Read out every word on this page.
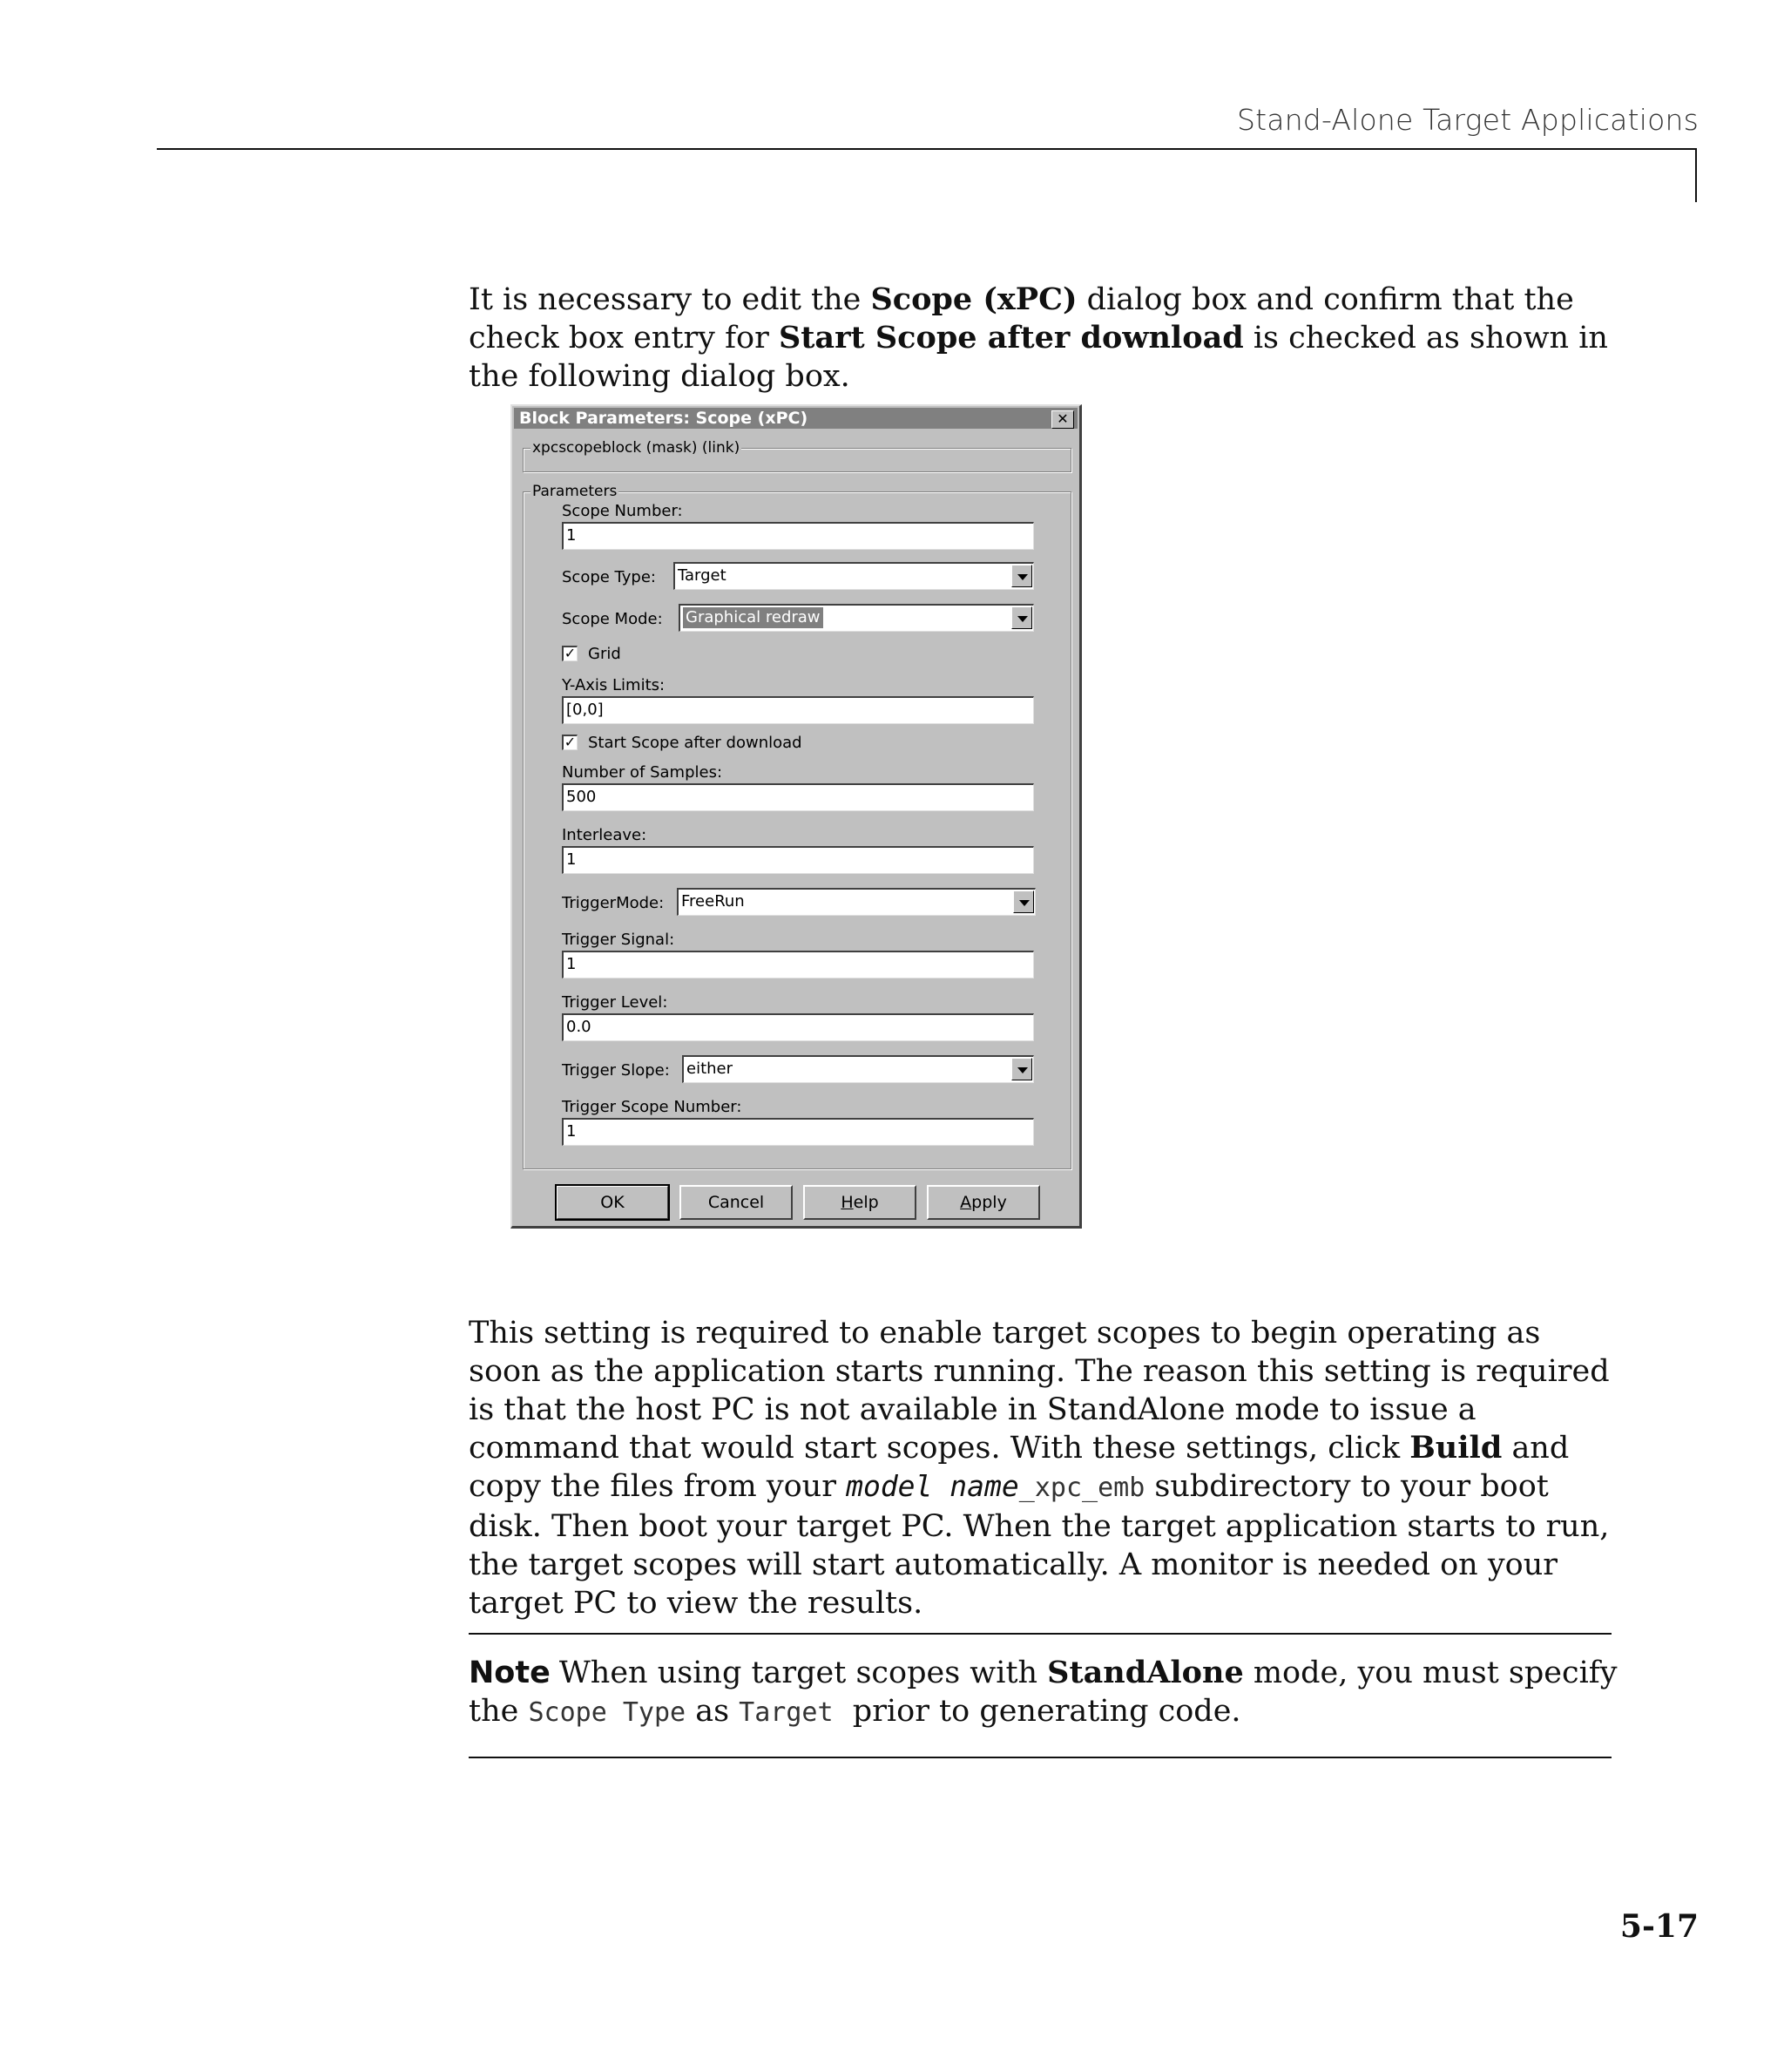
Stand-Alone Target Applications
It is necessary to edit the Scope (xPC) dialog box and confirm that the check box entry for Start Scope after download is checked as shown in the following dialog box.
Block Parameters: Scope (xPC)	✕
xpcscopeblock (mask) (link)
Parameters
Scope Number:
1
Scope Type: Target
Scope Mode:	Graphical redraw
✓ Grid
Y-Axis Limits:
[0,0]
✓ Start Scope after download
Number of Samples:
500
Interleave:
1
TriggerMode: FreeRun
Trigger Signal:
1
Trigger Level:
0.0
Trigger Slope: either
Trigger Scope Number:
1
OK	Cancel	Help	Apply
This setting is required to enable target scopes to begin operating as soon as the application starts running. The reason this setting is required is that the host PC is not available in StandAlone mode to issue a command that would start scopes. With these settings, click Build and copy the files from your model name_xpc_emb subdirectory to your boot disk. Then boot your target PC. When the target application starts to run, the target scopes will start automatically. A monitor is needed on your target PC to view the results.
Note When using target scopes with StandAlone mode, you must specify the Scope Type as Target  prior to generating code.
5-17
